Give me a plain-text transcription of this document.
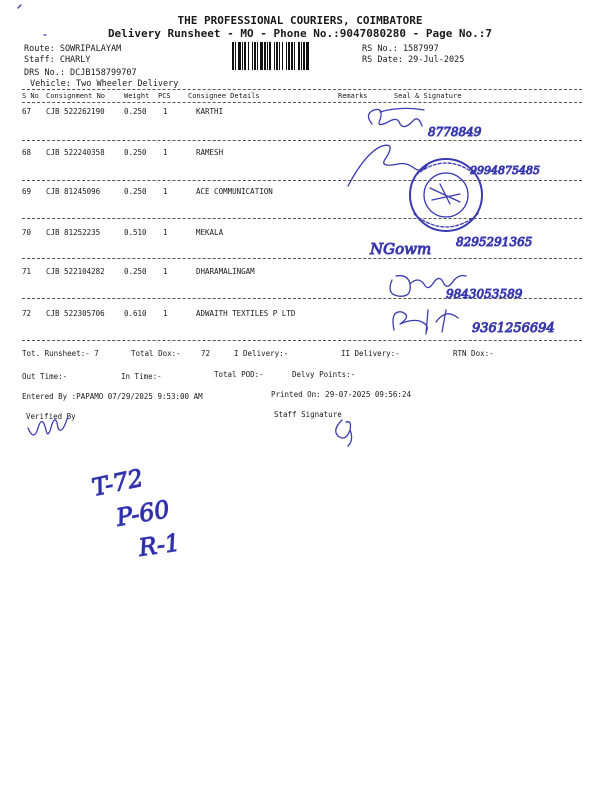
THE PROFESSIONAL COURIERS, COIMBATORE
Delivery Runsheet - MO - Phone No.:9047080280 - Page No.:7
Route: SOWRIPALAYAM
Staff: CHARLY
DRS No.: DCJB158799707
Vehicle: Two Wheeler Delivery
RS No.: 1587997
RS Date: 29-Jul-2025
S No Consignment No	Weight PCS Consignee Details	Remarks	Seal & Signature
67 CJB 522262190	0.250 1	KARTHI
68 CJB 522240358	0.250 1	RAMESH
69 CJB 81245096	0.250 1	ACE COMMUNICATION
70 CJB 81252235	0.510 1	MEKALA
71 CJB 522104282	0.250 1	DHARAMALINGAM
72 CJB 522305706	0.610 1	ADWAITH TEXTILES P LTD
Tot. Runsheet:- 7	Total Dox:-	72	I Delivery:-	II Delivery:-	RTN Dox:-
Out Time:-	In Time:-	Total POD:-	Delvy Points:-
Entered By :PAPAMO 07/29/2025 9:53:00 AM	Printed On: 29-07-2025 09:56:24
Verified By	Staff Signature
8778849
9994875485
NGowm 8295291365
9843053589
9361256694
T-72
P-60
R-1
